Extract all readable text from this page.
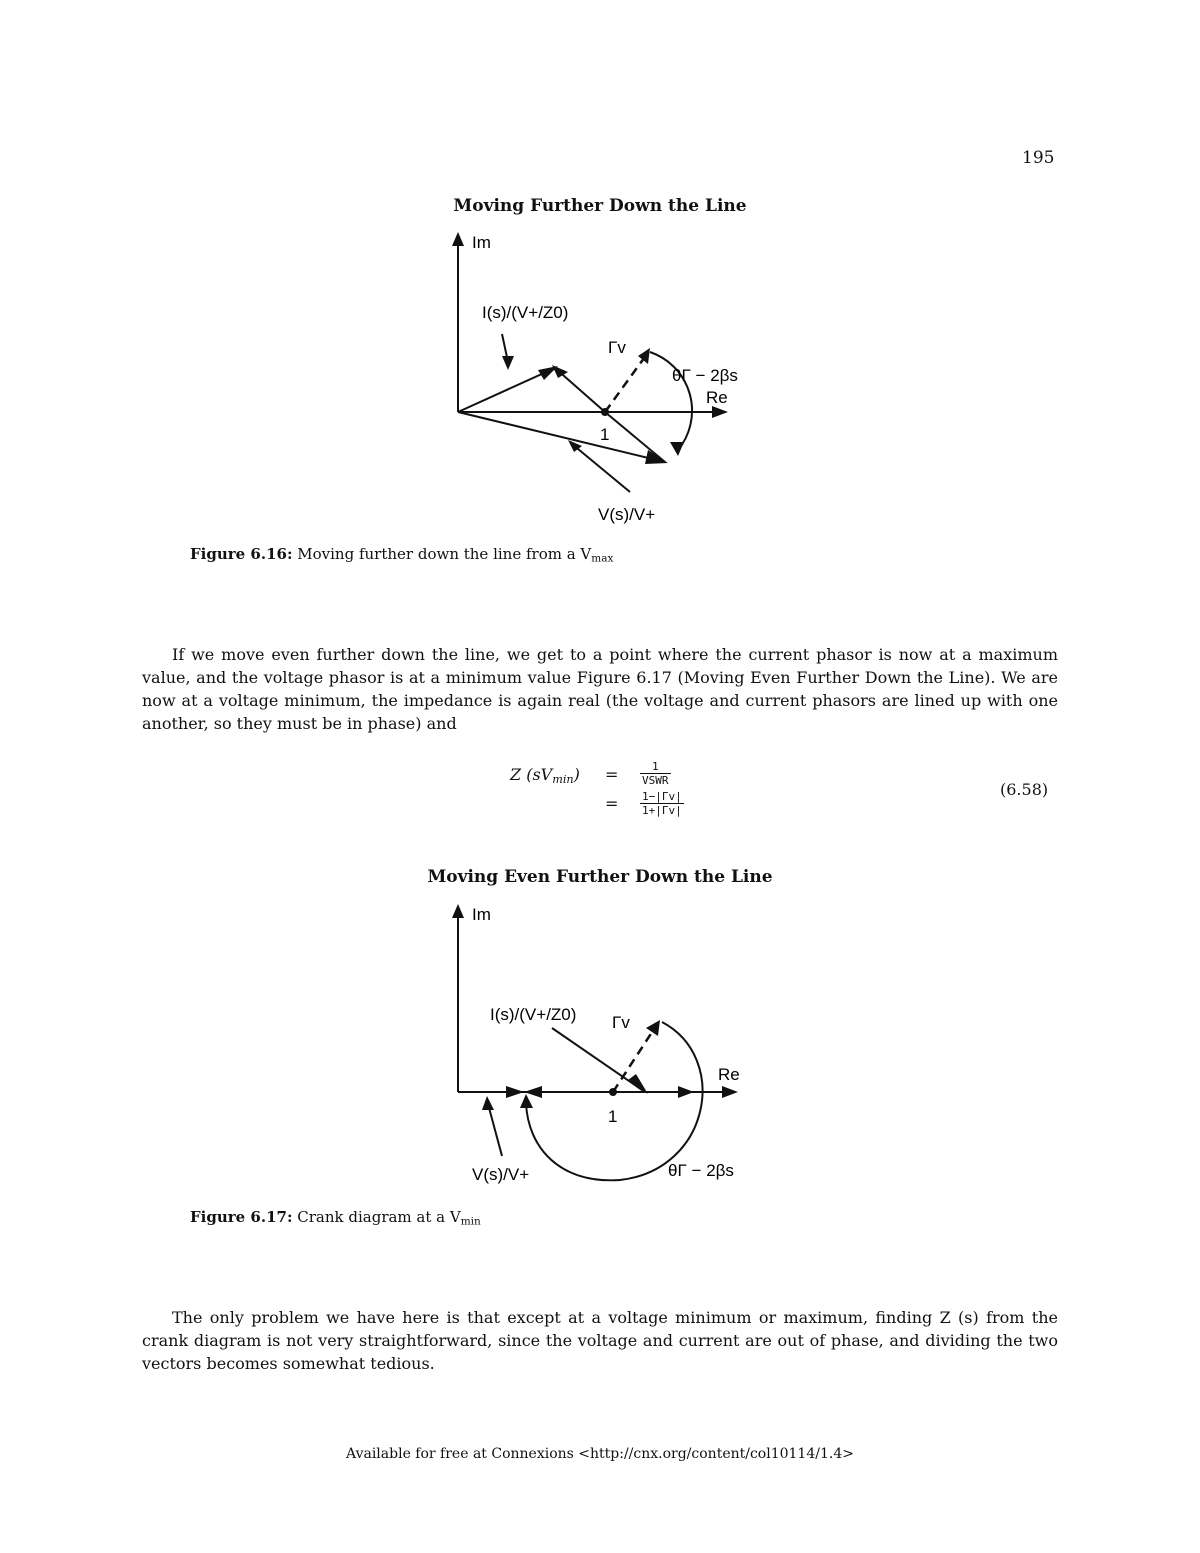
195
Moving Further Down the Line
Im
Re
I(s)/(V+/Z0)
Γv
θΓ − 2βs
1
V(s)/V+
Figure 6.16: Moving further down the line from a $V_{max}$
If we move even further down the line, we get to a point where the current phasor is now at a maximum value, and the voltage phasor is at a minimum value Figure 6.17 (Moving Even Further Down the Line). We are now at a voltage minimum, the impedance is again real (the voltage and current phasors are lined up with one another, so they must be in phase) and
Z $(sV_{min})$ =	1
VSWR
= $\frac{1-|\Gamma v|}{1+|\Gamma v|}$
(6.58)
Moving Even Further Down the Line
Im
Re
I(s)/(V+/Z0) Γv
θΓ − 2βs
1
V(s)/V+
Figure 6.17: Crank diagram at a $V_{min}$
The only problem we have here is that except at a voltage minimum or maximum, finding Z (s) from the crank diagram is not very straightforward, since the voltage and current are out of phase, and dividing the two vectors becomes somewhat tedious.
Available for free at Connexions <http://cnx.org/content/col10114/1.4>
